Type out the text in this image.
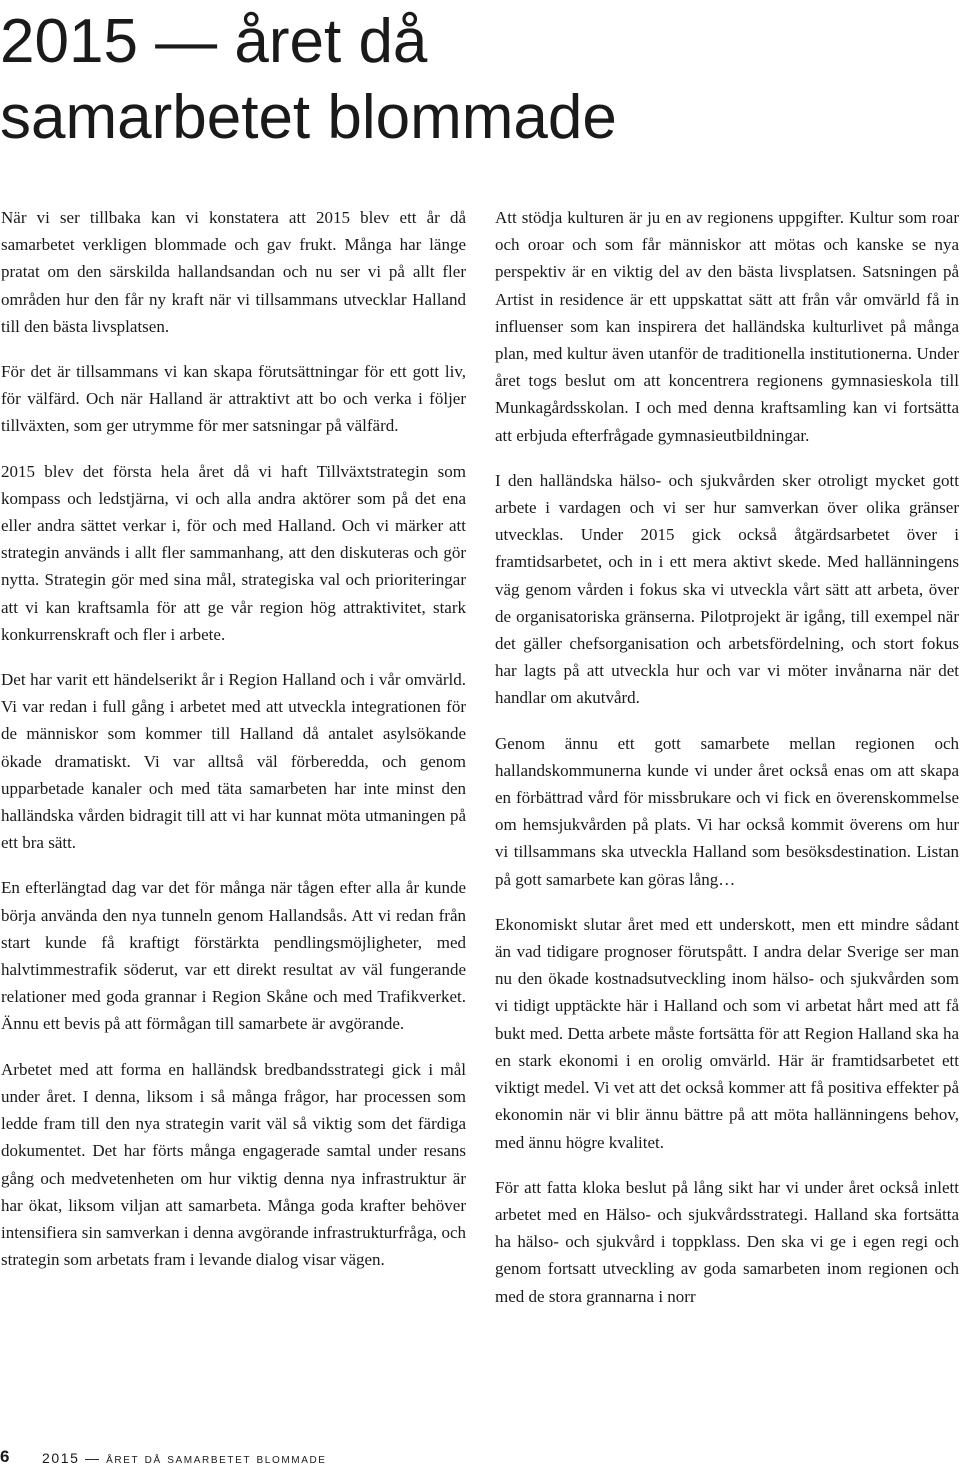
2015 — året då
samarbetet blommade

När vi ser tillbaka kan vi konstatera att 2015 blev ett år då samarbetet verkligen blommade och gav frukt. Många har länge pratat om den särskilda hallandsandan och nu ser vi på allt fler områden hur den får ny kraft när vi tillsammans utvecklar Halland till den bästa livsplatsen.

För det är tillsammans vi kan skapa förutsättningar för ett gott liv, för välfärd. Och när Halland är attraktivt att bo och verka i följer tillväxten, som ger utrymme för mer satsningar på välfärd.

2015 blev det första hela året då vi haft Tillväxtstrategin som kompass och ledstjärna, vi och alla andra aktörer som på det ena eller andra sättet verkar i, för och med Halland. Och vi märker att strategin används i allt fler sammanhang, att den diskuteras och gör nytta. Strategin gör med sina mål, strategiska val och prioriteringar att vi kan kraftsamla för att ge vår region hög attraktivitet, stark konkurrenskraft och fler i arbete.

Det har varit ett händelserikt år i Region Halland och i vår omvärld. Vi var redan i full gång i arbetet med att utveckla integrationen för de människor som kommer till Halland då antalet asylsökande ökade dramatiskt. Vi var alltså väl förberedda, och genom upparbetade kanaler och med täta samarbeten har inte minst den halländska vården bidragit till att vi har kunnat möta utmaningen på ett bra sätt.

En efterlängtad dag var det för många när tågen efter alla år kunde börja använda den nya tunneln genom Hallandsås. Att vi redan från start kunde få kraftigt förstärkta pendlingsmöjligheter, med halvtimmestrafik söderut, var ett direkt resultat av väl fungerande relationer med goda grannar i Region Skåne och med Trafikverket. Ännu ett bevis på att förmågan till samarbete är avgörande.

Arbetet med att forma en halländsk bredbandsstrategi gick i mål under året. I denna, liksom i så många frågor, har processen som ledde fram till den nya strategin varit väl så viktig som det färdiga dokumentet. Det har förts många engagerade samtal under resans gång och medvetenheten om hur viktig denna nya infrastruktur är har ökat, liksom viljan att samarbeta. Många goda krafter behöver intensifiera sin samverkan i denna avgörande infrastrukturfråga, och strategin som arbetats fram i levande dialog visar vägen.

Att stödja kulturen är ju en av regionens uppgifter. Kultur som roar och oroar och som får människor att mötas och kanske se nya perspektiv är en viktig del av den bästa livsplatsen. Satsningen på Artist in residence är ett uppskattat sätt att från vår omvärld få in influenser som kan inspirera det halländska kulturlivet på många plan, med kultur även utanför de traditionella institutionerna. Under året togs beslut om att koncentrera regionens gymnasieskola till Munkagårdsskolan. I och med denna kraftsamling kan vi fortsätta att erbjuda efterfrågade gymnasieutbildningar.

I den halländska hälso- och sjukvården sker otroligt mycket gott arbete i vardagen och vi ser hur samverkan över olika gränser utvecklas. Under 2015 gick också åtgärdsarbetet över i framtidsarbetet, och in i ett mera aktivt skede. Med hallänningens väg genom vården i fokus ska vi utveckla vårt sätt att arbeta, över de organisatoriska gränserna. Pilotprojekt är igång, till exempel när det gäller chefsorganisation och arbetsfördelning, och stort fokus har lagts på att utveckla hur och var vi möter invånarna när det handlar om akutvård.

Genom ännu ett gott samarbete mellan regionen och hallandskommunerna kunde vi under året också enas om att skapa en förbättrad vård för missbrukare och vi fick en överenskommelse om hemsjukvården på plats. Vi har också kommit överens om hur vi tillsammans ska utveckla Halland som besöksdestination. Listan på gott samarbete kan göras lång…

Ekonomiskt slutar året med ett underskott, men ett mindre sådant än vad tidigare prognoser förutspått. I andra delar Sverige ser man nu den ökade kostnadsutveckling inom hälso- och sjukvården som vi tidigt upptäckte här i Halland och som vi arbetat hårt med att få bukt med. Detta arbete måste fortsätta för att Region Halland ska ha en stark ekonomi i en orolig omvärld. Här är framtidsarbetet ett viktigt medel. Vi vet att det också kommer att få positiva effekter på ekonomin när vi blir ännu bättre på att möta hallänningens behov, med ännu högre kvalitet.

För att fatta kloka beslut på lång sikt har vi under året också inlett arbetet med en Hälso- och sjukvårdsstrategi. Halland ska fortsätta ha hälso- och sjukvård i toppklass. Den ska vi ge i egen regi och genom fortsatt utveckling av goda samarbeten inom regionen och med de stora grannarna i norr

6 2015 — året då samarbetet blommade
